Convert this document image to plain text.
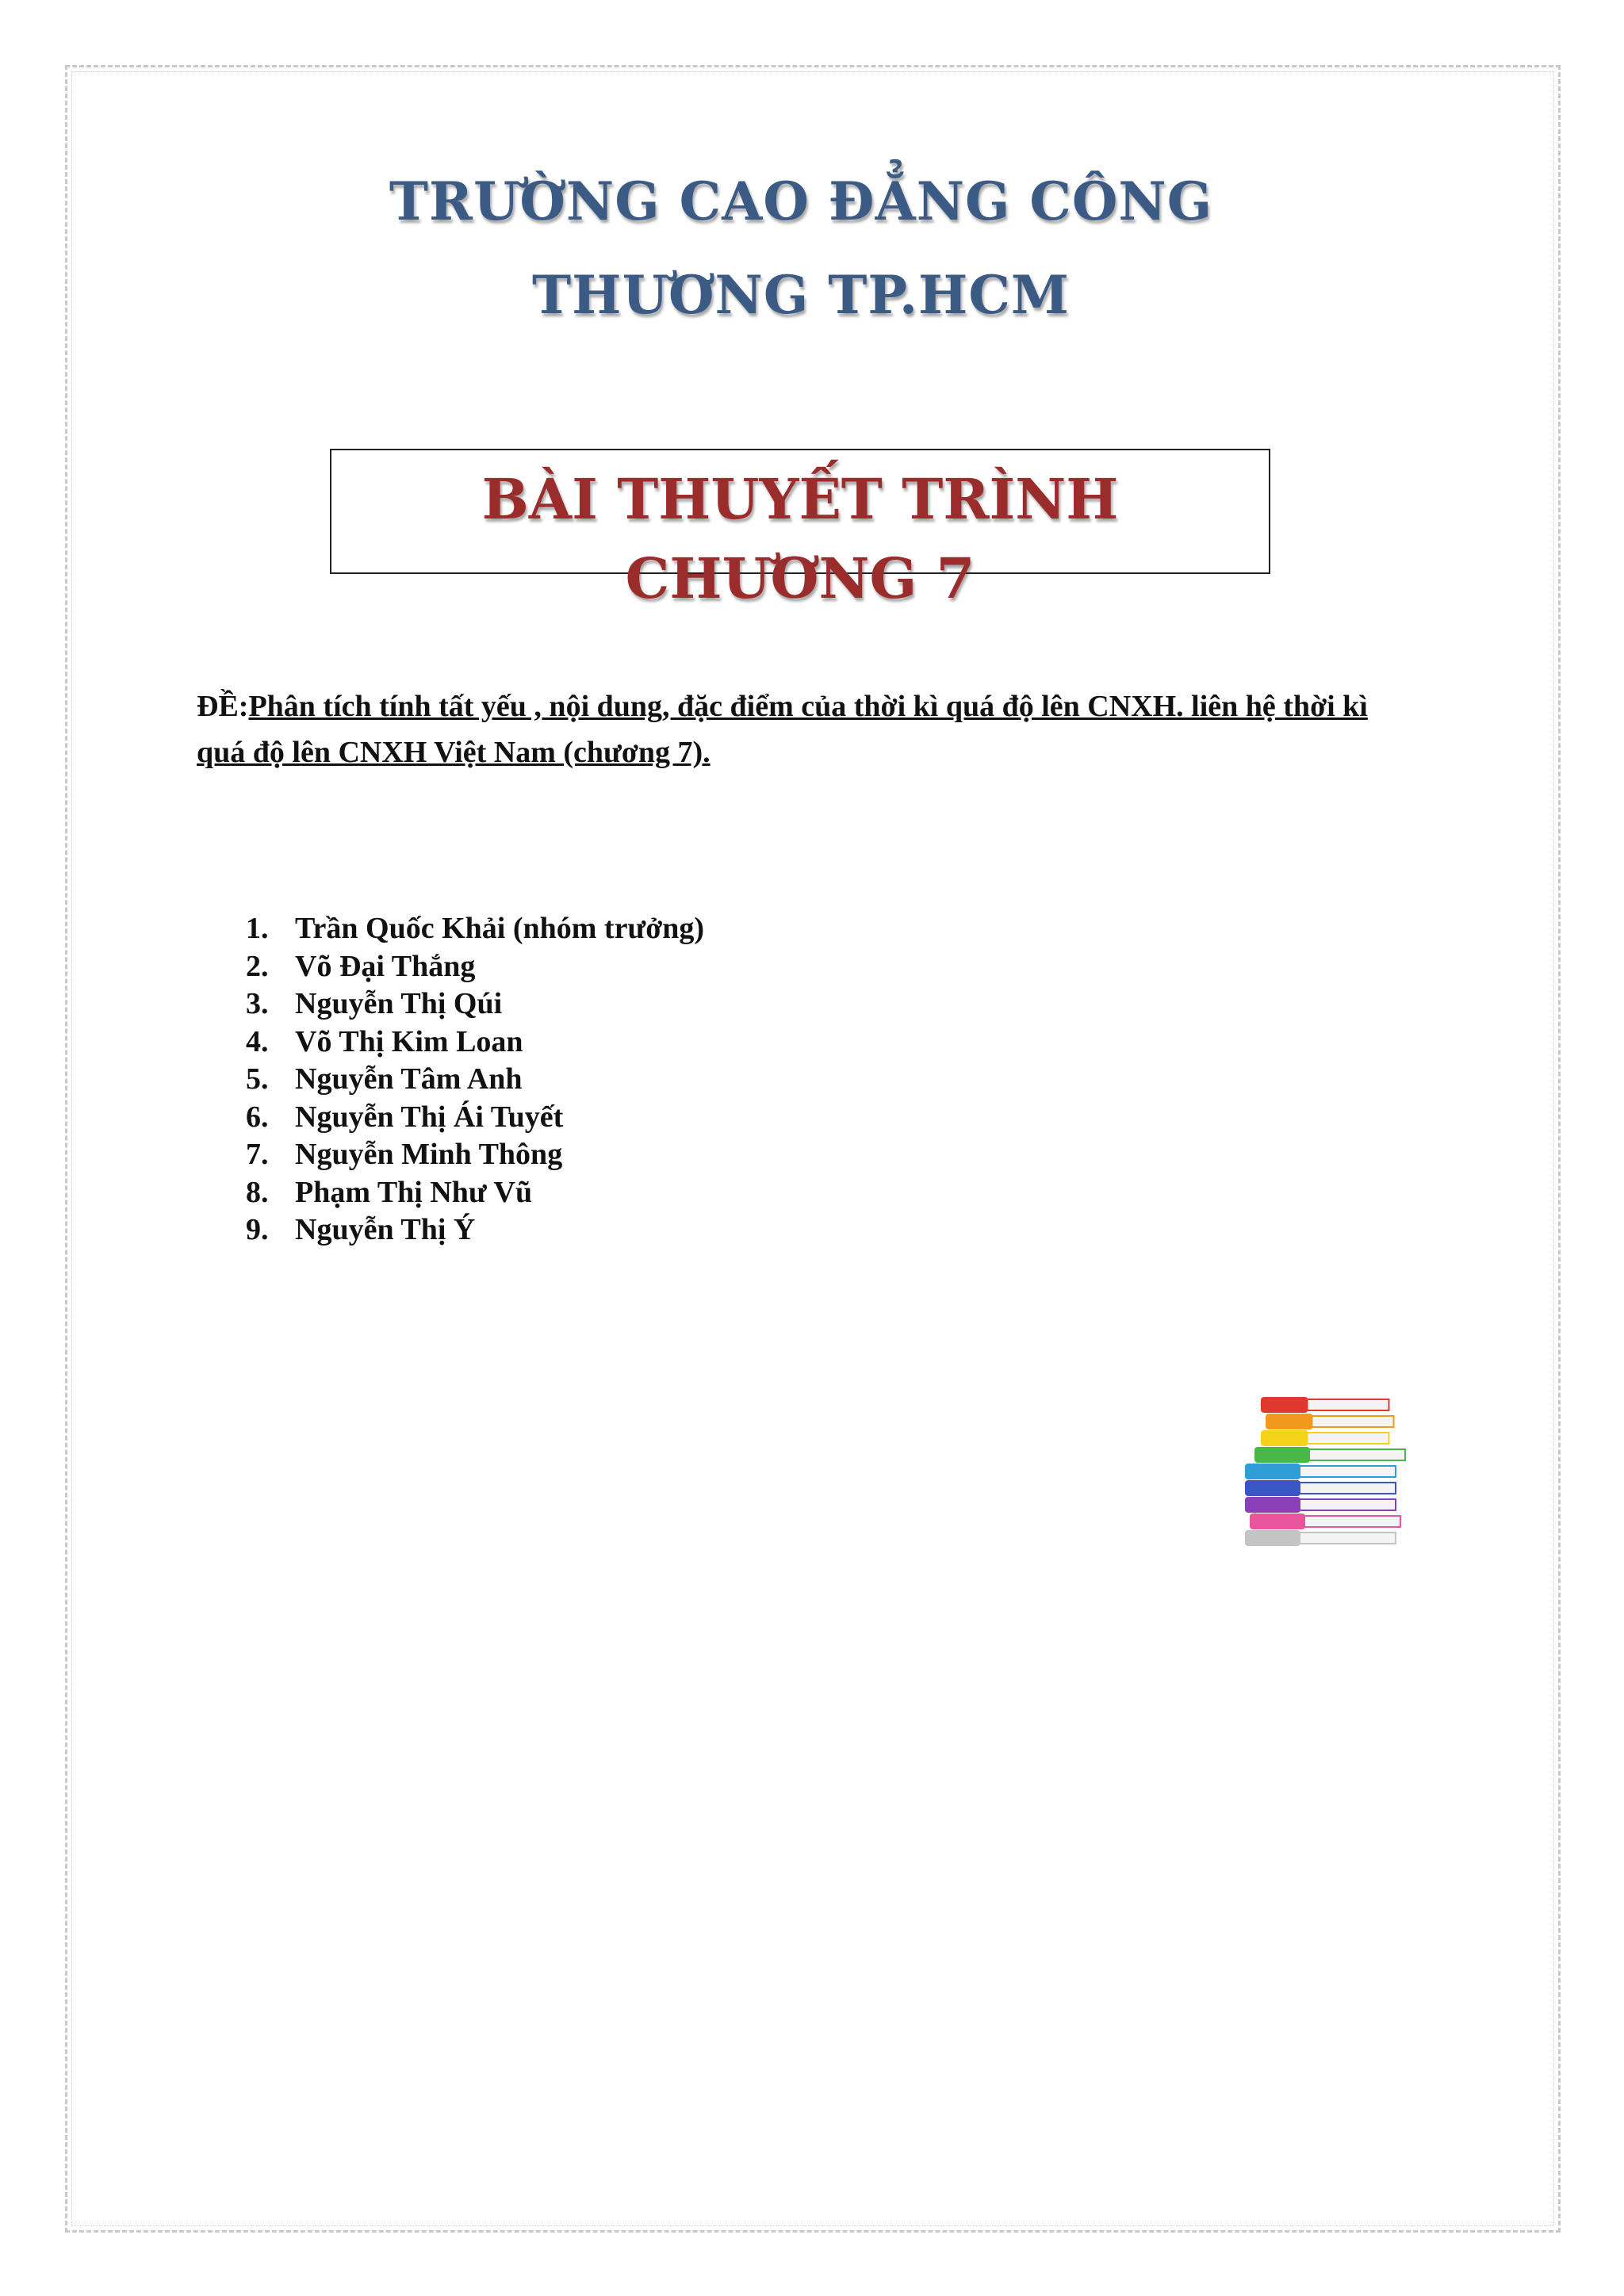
TRƯỜNG CAO ĐẲNG CÔNG
THƯƠNG TP.HCM
BÀI THUYẾT TRÌNH CHƯƠNG 7
ĐỀ:Phân tích tính tất yếu , nội dung, đặc điểm của thời kì quá độ lên CNXH. liên hệ thời kì quá độ lên CNXH Việt Nam (chương 7).
1. Trần Quốc Khải (nhóm trưởng)
2. Võ Đại Thắng
3. Nguyễn Thị Qúi
4. Võ Thị Kim Loan
5. Nguyễn Tâm Anh
6. Nguyễn Thị Ái Tuyết
7. Nguyễn Minh Thông
8. Phạm Thị Như Vũ
9. Nguyễn Thị Ý
